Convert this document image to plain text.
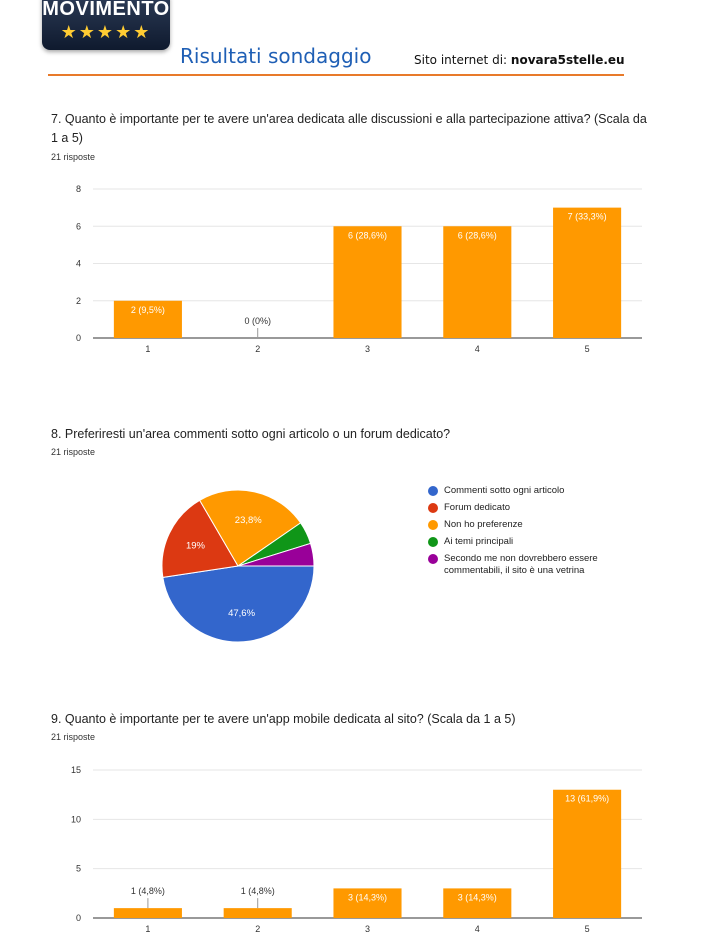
MOVIMENTO
★★★★★
Risultati sondaggio	Sito internet di: novara5stelle.eu
7. Quanto è importante per te avere un'area dedicata alle discussioni e alla partecipazione attiva? (Scala da 1 a 5)
21 risposte
0
2
4
6
8
2 (9,5%)
1
0 (0%)
2
6 (28,6%)
3
6 (28,6%)
4
7 (33,3%)
5
8. Preferiresti un'area commenti sotto ogni articolo o un forum dedicato?
21 risposte
47,6%
19%
23,8%
Commenti sotto ogni articolo
Forum dedicato
Non ho preferenze
Ai temi principali
Secondo me non dovrebbero essere commentabili, il sito è una vetrina
9. Quanto è importante per te avere un'app mobile dedicata al sito? (Scala da 1 a 5)
21 risposte
0
5
10
15
1 (4,8%)
1
1 (4,8%)
2
3 (14,3%)
3
3 (14,3%)
4
13 (61,9%)
5
